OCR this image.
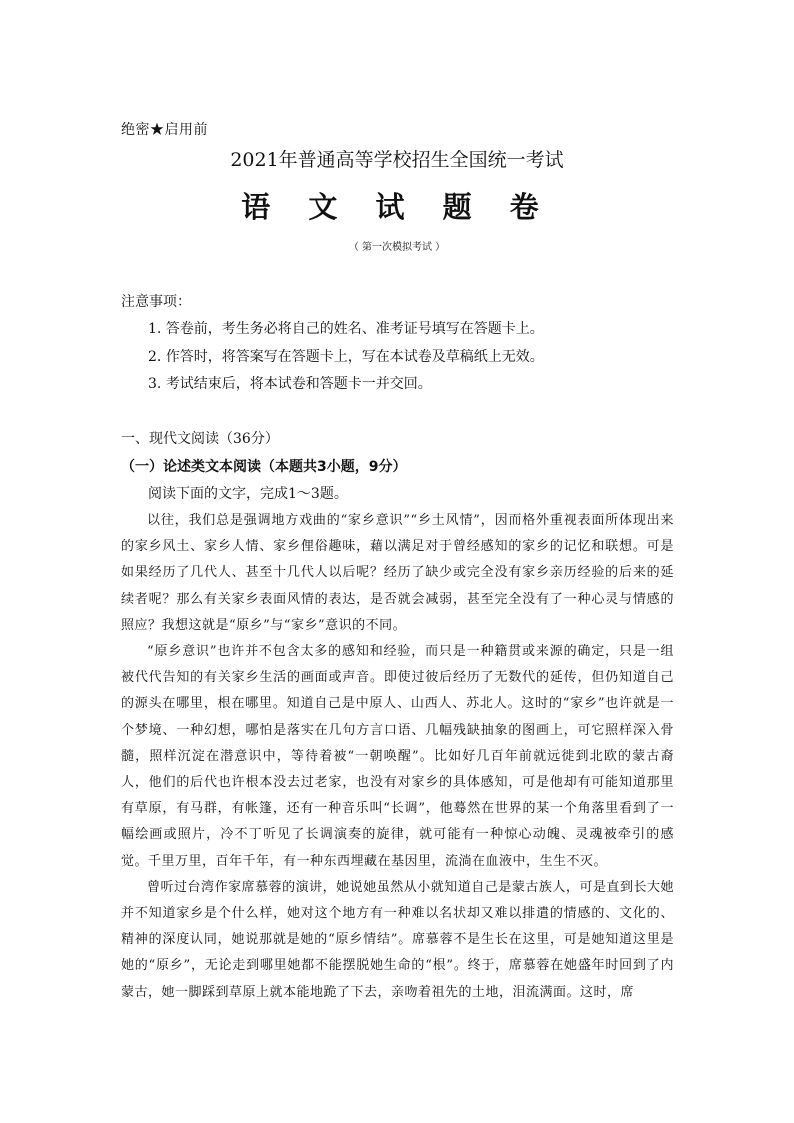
绝密★启用前
2021年普通高等学校招生全国统一考试
语 文 试 题 卷
（ 第一次模拟考试 ）
注意事项：
1. 答卷前，考生务必将自己的姓名、准考证号填写在答题卡上。
2. 作答时，将答案写在答题卡上，写在本试卷及草稿纸上无效。
3. 考试结束后，将本试卷和答题卡一并交回。
一、现代文阅读（36分）
（一）论述类文本阅读（本题共3小题，9分）
阅读下面的文字，完成1～3题。

以往，我们总是强调地方戏曲的“家乡意识”“乡土风情”，因而格外重视表面所体现出来的家乡风土、家乡人情、家乡俚俗趣味，藉以满足对于曾经感知的家乡的记忆和联想。可是如果经历了几代人、甚至十几代人以后呢？经历了缺少或完全没有家乡亲历经验的后来的延续者呢？那么有关家乡表面风情的表达，是否就会减弱，甚至完全没有了一种心灵与情感的照应？我想这就是“原乡”与“家乡”意识的不同。

“原乡意识”也许并不包含太多的感知和经验，而只是一种籍贯或来源的确定，只是一组被代代告知的有关家乡生活的画面或声音。即使过彼后经历了无数代的延传，但仍知道自己的源头在哪里，根在哪里。知道自己是中原人、山西人、苏北人。这时的“家乡”也许就是一个梦境、一种幻想，哪怕是落实在几句方言口语、几幅残缺抽象的图画上，可它照样深入骨髓，照样沉淀在潜意识中，等待着被“一朝唤醒”。比如好几百年前就远徙到北欧的蒙古裔人，他们的后代也许根本没去过老家，也没有对家乡的具体感知，可是他却有可能知道那里有草原，有马群，有帐篷，还有一种音乐叫“长调”，他蓦然在世界的某一个角落里看到了一幅绘画或照片，冷不丁听见了长调演奏的旋律，就可能有一种惊心动魄、灵魂被牵引的感觉。千里万里，百年千年，有一种东西埋藏在基因里，流淌在血液中，生生不灭。

曾听过台湾作家席慕蓉的演讲，她说她虽然从小就知道自己是蒙古族人，可是直到长大她并不知道家乡是个什么样，她对这个地方有一种难以名状却又难以排遣的情感的、文化的、精神的深度认同，她说那就是她的“原乡情结”。席慕蓉不是生长在这里，可是她知道这里是她的“原乡”，无论走到哪里她都不能摆脱她生命的“根”。终于，席慕蓉在她盛年时回到了内蒙古，她一脚踩到草原上就本能地跪了下去，亲吻着祖先的土地，泪流满面。这时，席
